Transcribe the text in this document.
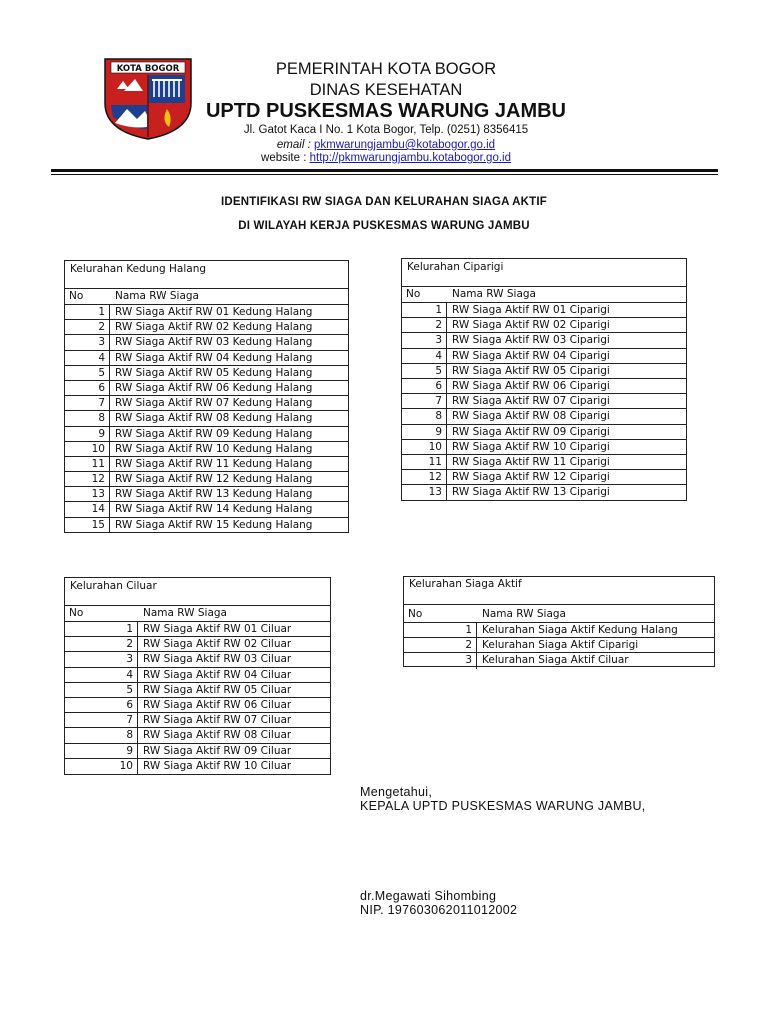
KOTA BOGOR	PEMERINTAH KOTA BOGOR
DINAS KESEHATAN
UPTD PUSKESMAS WARUNG JAMBU
Jl. Gatot Kaca I No. 1 Kota Bogor, Telp. (0251) 8356415
email : pkmwarungjambu@kotabogor.go.id
website : http://pkmwarungjambu.kotabogor.go.id
IDENTIFIKASI RW SIAGA DAN KELURAHAN SIAGA AKTIF
DI WILAYAH KERJA PUSKESMAS WARUNG JAMBU
Kelurahan Kedung Halang
No	Nama RW Siaga
1 RW Siaga Aktif RW 01 Kedung Halang
2 RW Siaga Aktif RW 02 Kedung Halang
3 RW Siaga Aktif RW 03 Kedung Halang
4 RW Siaga Aktif RW 04 Kedung Halang
5 RW Siaga Aktif RW 05 Kedung Halang
6 RW Siaga Aktif RW 06 Kedung Halang
7 RW Siaga Aktif RW 07 Kedung Halang
8 RW Siaga Aktif RW 08 Kedung Halang
9 RW Siaga Aktif RW 09 Kedung Halang
10 RW Siaga Aktif RW 10 Kedung Halang
11 RW Siaga Aktif RW 11 Kedung Halang
12 RW Siaga Aktif RW 12 Kedung Halang
13 RW Siaga Aktif RW 13 Kedung Halang
14 RW Siaga Aktif RW 14 Kedung Halang
15 RW Siaga Aktif RW 15 Kedung Halang
Kelurahan Ciparigi
No	Nama RW Siaga
1 RW Siaga Aktif RW 01 Ciparigi
2 RW Siaga Aktif RW 02 Ciparigi
3 RW Siaga Aktif RW 03 Ciparigi
4 RW Siaga Aktif RW 04 Ciparigi
5 RW Siaga Aktif RW 05 Ciparigi
6 RW Siaga Aktif RW 06 Ciparigi
7 RW Siaga Aktif RW 07 Ciparigi
8 RW Siaga Aktif RW 08 Ciparigi
9 RW Siaga Aktif RW 09 Ciparigi
10 RW Siaga Aktif RW 10 Ciparigi
11 RW Siaga Aktif RW 11 Ciparigi
12 RW Siaga Aktif RW 12 Ciparigi
13 RW Siaga Aktif RW 13 Ciparigi
Kelurahan Ciluar
No	Nama RW Siaga
1 RW Siaga Aktif RW 01 Ciluar
2 RW Siaga Aktif RW 02 Ciluar
3 RW Siaga Aktif RW 03 Ciluar
4 RW Siaga Aktif RW 04 Ciluar
5 RW Siaga Aktif RW 05 Ciluar
6 RW Siaga Aktif RW 06 Ciluar
7 RW Siaga Aktif RW 07 Ciluar
8 RW Siaga Aktif RW 08 Ciluar
9 RW Siaga Aktif RW 09 Ciluar
10 RW Siaga Aktif RW 10 Ciluar
Kelurahan Siaga Aktif
No	Nama RW Siaga
1 Kelurahan Siaga Aktif Kedung Halang
2 Kelurahan Siaga Aktif Ciparigi
3 Kelurahan Siaga Aktif Ciluar
Mengetahui,
KEPALA UPTD PUSKESMAS WARUNG JAMBU,
dr.Megawati Sihombing
NIP. 197603062011012002
